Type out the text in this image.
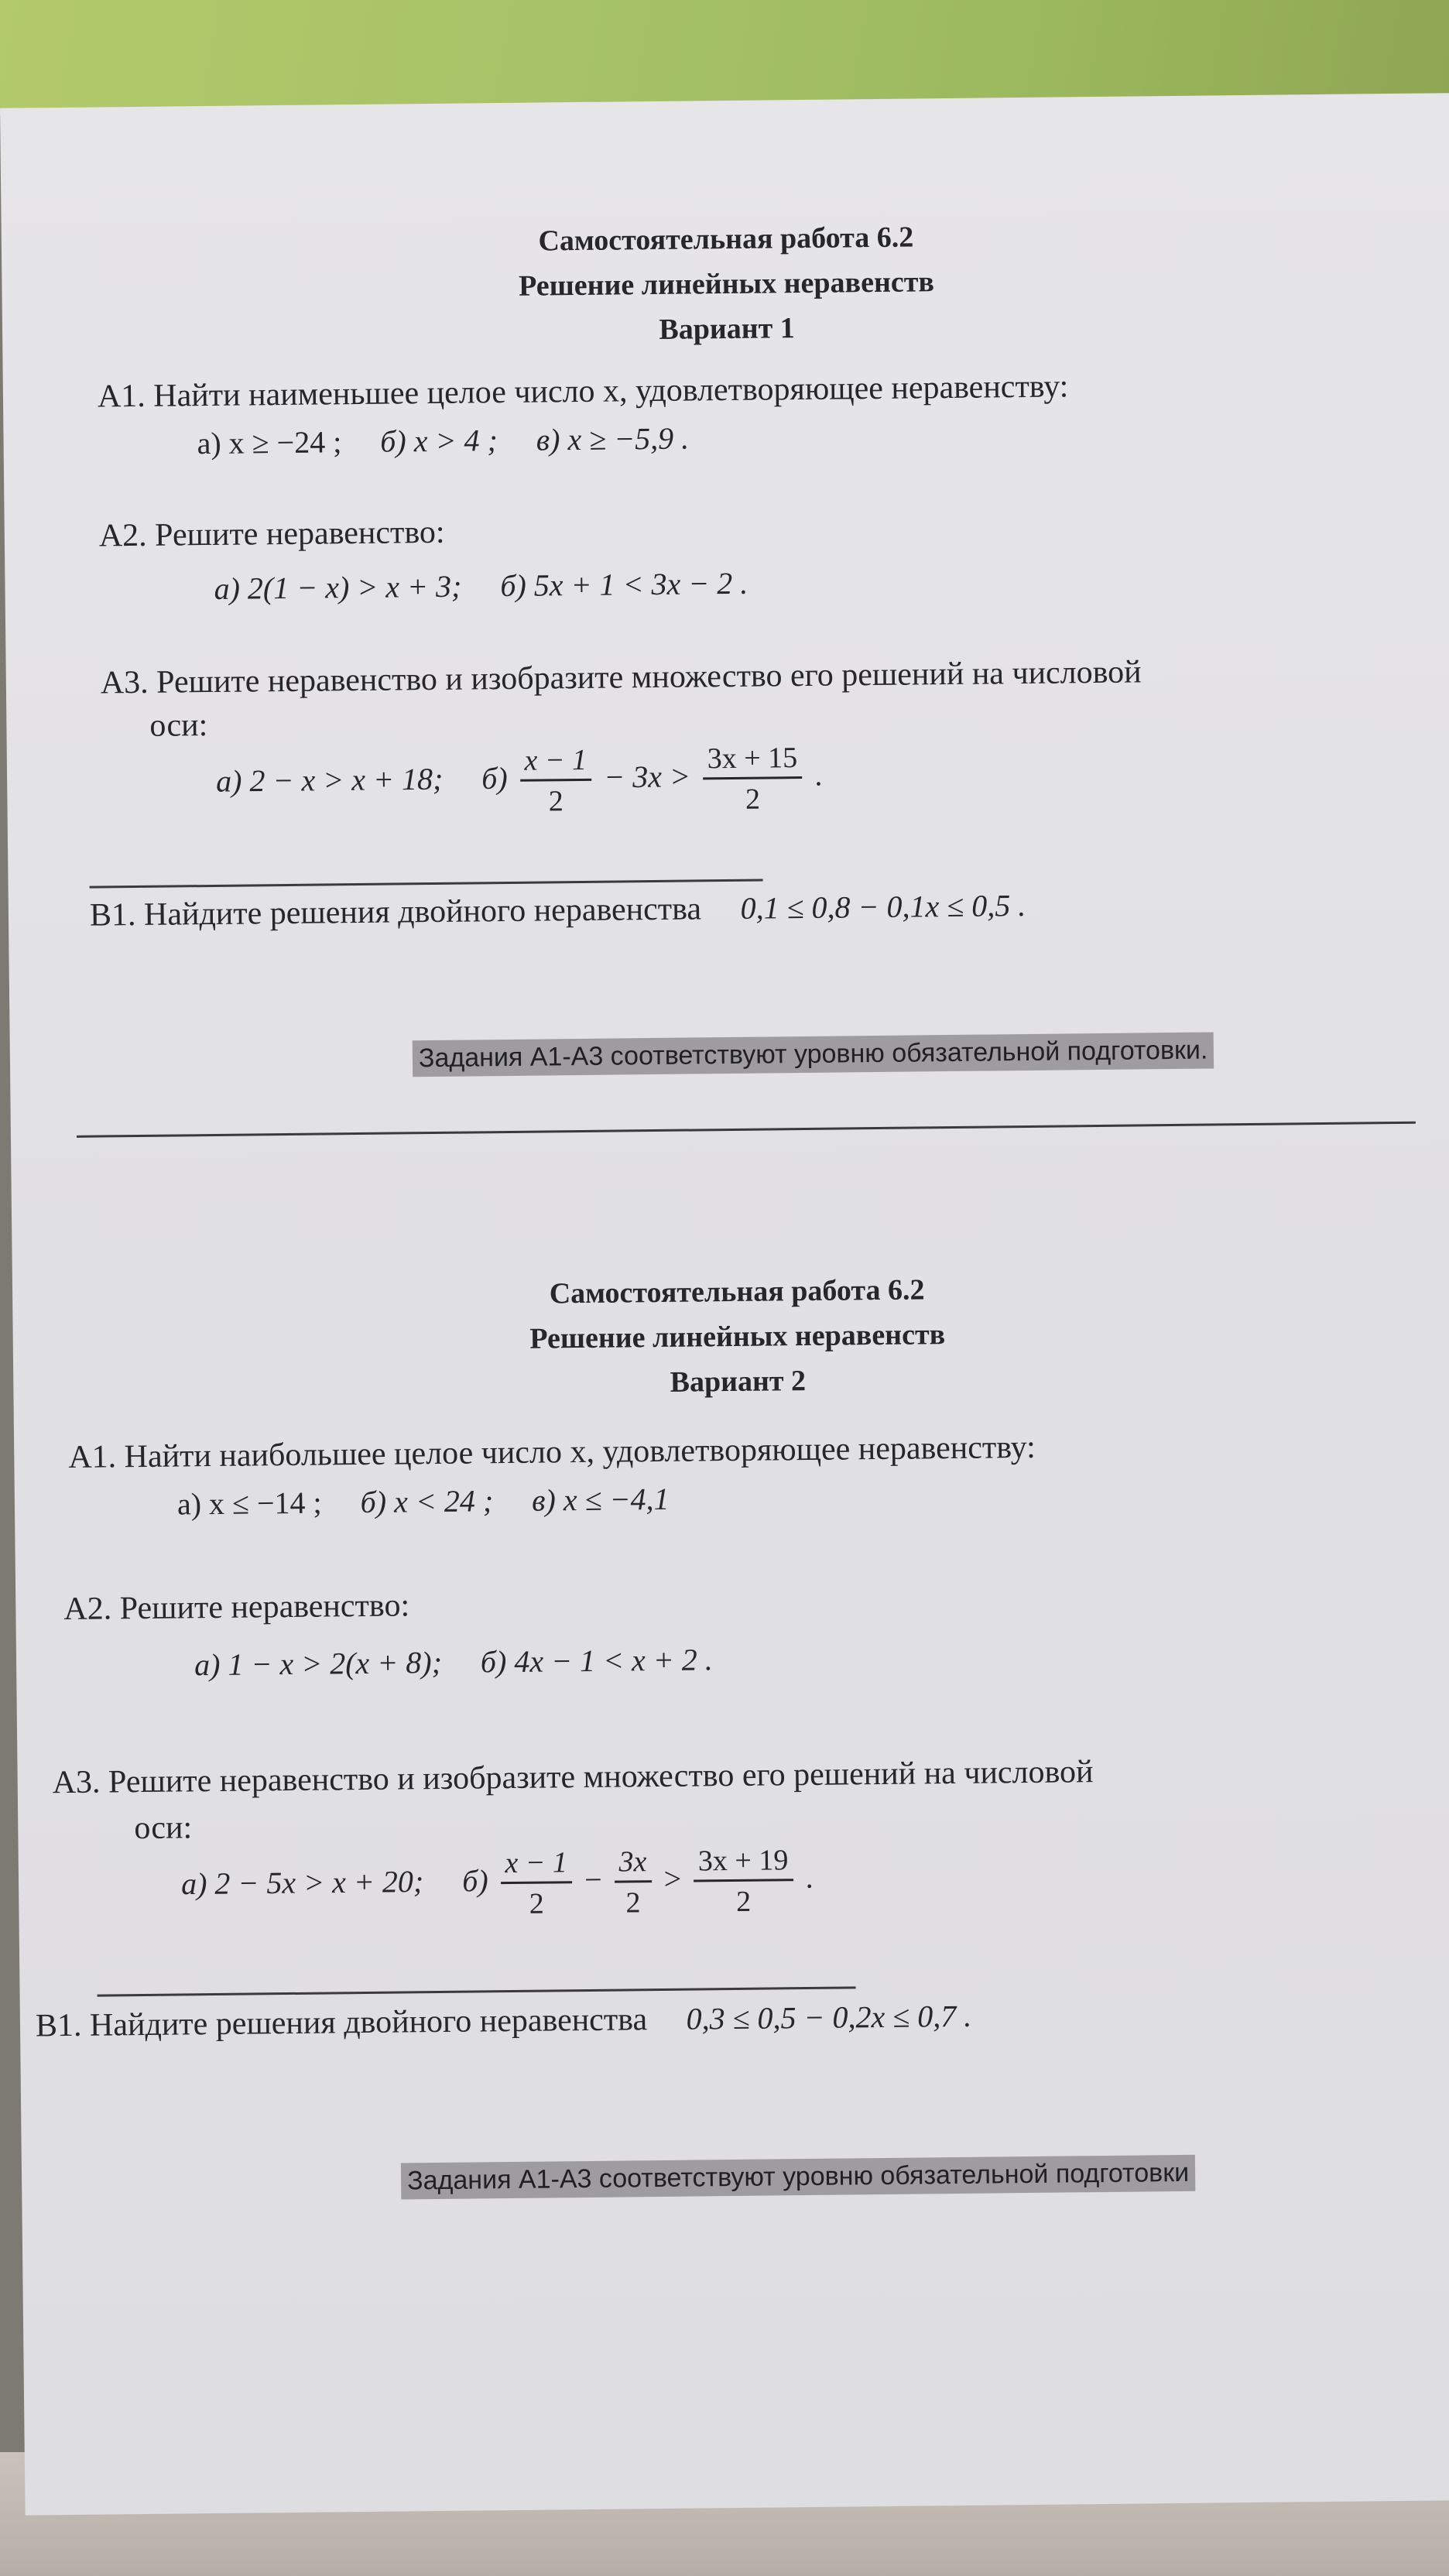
Самостоятельная работа 6.2
Решение линейных неравенств
Вариант 1
А1. Найти наименьшее целое число x, удовлетворяющее неравенству:
а) x ≥ −24 ; б) x > 4 ; в) x ≥ −5,9 .
А2. Решите неравенство:
а) 2(1 − x) > x + 3; б) 5x + 1 < 3x − 2 .
А3. Решите неравенство и изобразите множество его решений на числовой
оси:
а) 2 − x > x + 18; $б) \frac{x - 1}{2} - 3x > \frac{3x + 15}{2}$ .
В1. Найдите решения двойного неравенства 0,1 ≤ 0,8 − 0,1x ≤ 0,5 .
Задания А1-А3 соответствуют уровню обязательной подготовки.
Самостоятельная работа 6.2
Решение линейных неравенств
Вариант 2
А1. Найти наибольшее целое число x, удовлетворяющее неравенству:
а) x ≤ −14 ; б) x < 24 ; в) x ≤ −4,1
А2. Решите неравенство:
а) 1 − x > 2(x + 8); б) 4x − 1 < x + 2 .
А3. Решите неравенство и изобразите множество его решений на числовой
оси:
а) 2 − 5x > x + 20; $б) \frac{x - 1}{2} - \frac{3x}{2} > \frac{3x + 19}{2}$ .
В1. Найдите решения двойного неравенства 0,3 ≤ 0,5 − 0,2x ≤ 0,7 .
Задания А1-А3 соответствуют уровню обязательной подготовки
